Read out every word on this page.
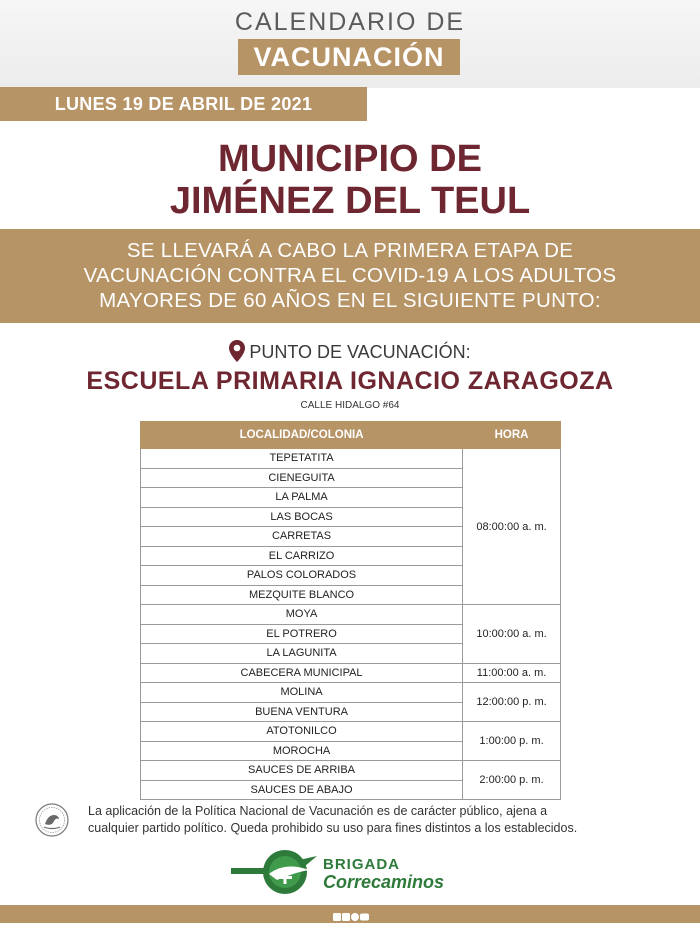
CALENDARIO DE
VACUNACIÓN
LUNES 19 DE ABRIL DE 2021
MUNICIPIO DE
JIMÉNEZ DEL TEUL
SE LLEVARÁ A CABO LA PRIMERA ETAPA DE
VACUNACIÓN CONTRA EL COVID-19 A LOS ADULTOS
MAYORES DE 60 AÑOS EN EL SIGUIENTE PUNTO:
PUNTO DE VACUNACIÓN:
ESCUELA PRIMARIA IGNACIO ZARAGOZA
CALLE HIDALGO #64
LOCALIDAD/COLONIA	HORA
TEPETATITA	08:00:00 a. m.
CIENEGUITA	
LA PALMA	
LAS BOCAS	
CARRETAS	
EL CARRIZO	
PALOS COLORADOS	
MEZQUITE BLANCO	
MOYA	10:00:00 a. m.
EL POTRERO	
LA LAGUNITA	
CABECERA MUNICIPAL	11:00:00 a. m.
MOLINA	12:00:00 p. m.
BUENA VENTURA	
ATOTONILCO	1:00:00 p. m.
MOROCHA	
SAUCES DE ARRIBA	2:00:00 p. m.
SAUCES DE ABAJO	
La aplicación de la Política Nacional de Vacunación es de carácter público, ajena a
cualquier partido político. Queda prohibido su uso para fines distintos a los establecidos.
BRIGADA
Correcaminos
